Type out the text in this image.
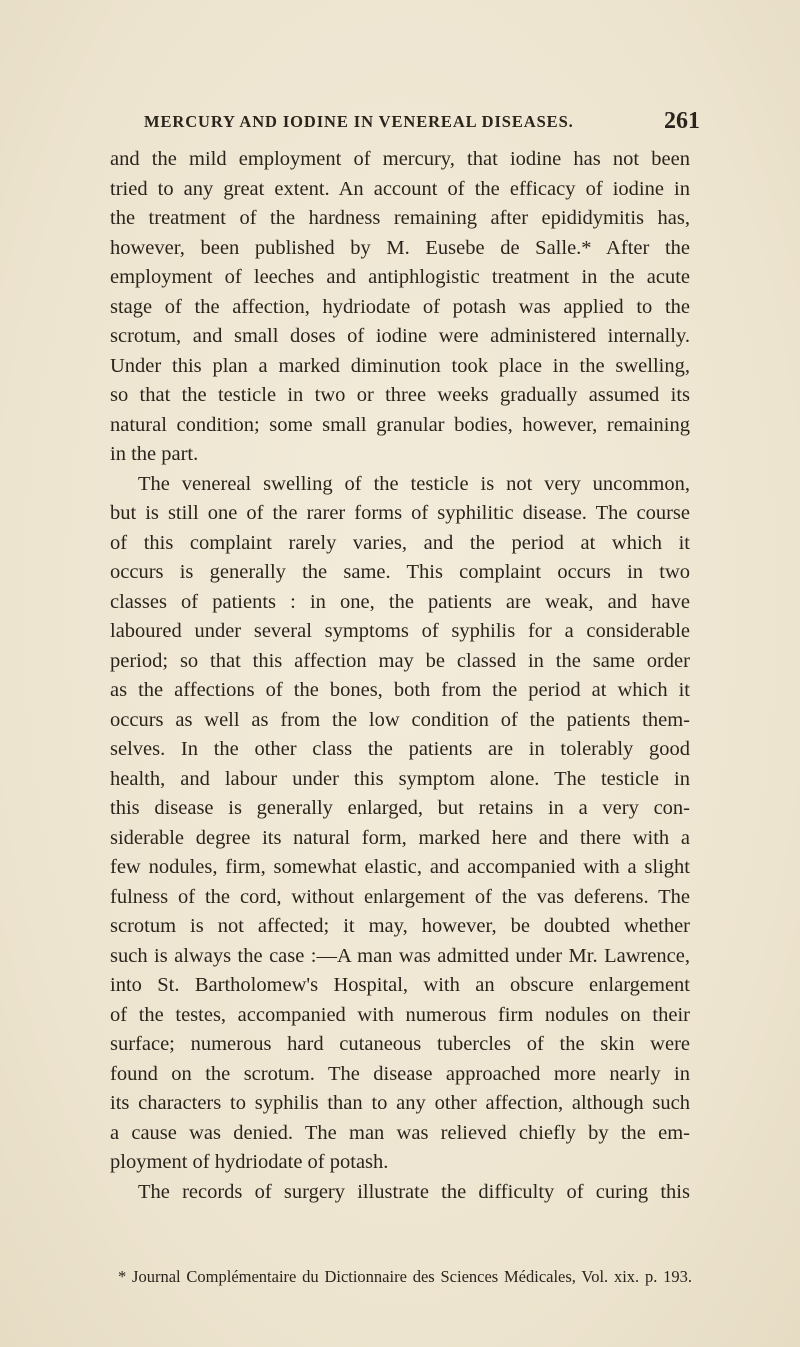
MERCURY AND IODINE IN VENEREAL DISEASES.	261
and the mild employment of mercury, that iodine has not been
tried to any great extent. An account of the efficacy of iodine in
the treatment of the hardness remaining after epididymitis has,
however, been published by M. Eusebe de Salle.* After the
employment of leeches and antiphlogistic treatment in the acute
stage of the affection, hydriodate of potash was applied to the
scrotum, and small doses of iodine were administered internally.
Under this plan a marked diminution took place in the swelling,
so that the testicle in two or three weeks gradually assumed its
natural condition; some small granular bodies, however, remaining
in the part.
The venereal swelling of the testicle is not very uncommon,
but is still one of the rarer forms of syphilitic disease. The course
of this complaint rarely varies, and the period at which it
occurs is generally the same. This complaint occurs in two
classes of patients : in one, the patients are weak, and have
laboured under several symptoms of syphilis for a considerable
period; so that this affection may be classed in the same order
as the affections of the bones, both from the period at which it
occurs as well as from the low condition of the patients them-
selves. In the other class the patients are in tolerably good
health, and labour under this symptom alone. The testicle in
this disease is generally enlarged, but retains in a very con-
siderable degree its natural form, marked here and there with a
few nodules, firm, somewhat elastic, and accompanied with a slight
fulness of the cord, without enlargement of the vas deferens. The
scrotum is not affected; it may, however, be doubted whether
such is always the case :—A man was admitted under Mr. Lawrence,
into St. Bartholomew's Hospital, with an obscure enlargement
of the testes, accompanied with numerous firm nodules on their
surface; numerous hard cutaneous tubercles of the skin were
found on the scrotum. The disease approached more nearly in
its characters to syphilis than to any other affection, although such
a cause was denied. The man was relieved chiefly by the em-
ployment of hydriodate of potash.
The records of surgery illustrate the difficulty of curing this
* Journal Complémentaire du Dictionnaire des Sciences Médicales, Vol. xix. p. 193.
